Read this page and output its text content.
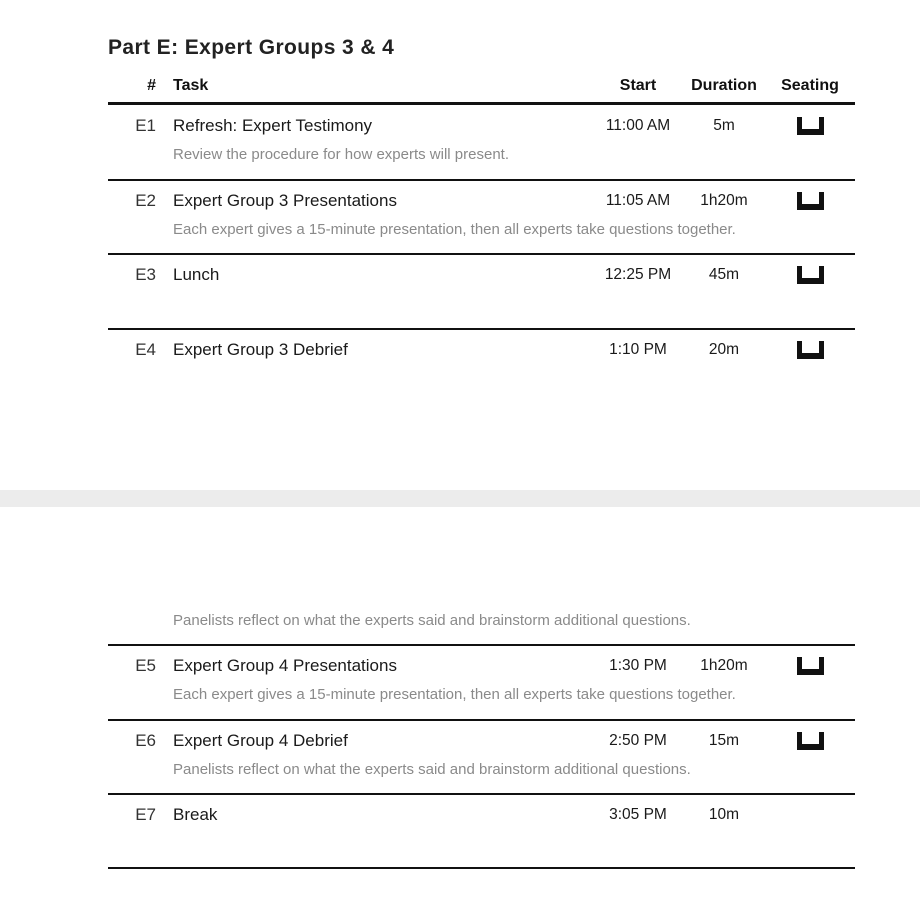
Part E: Expert Groups 3 & 4
# Task	Start	Duration	Seating
E1 Refresh: Expert Testimony	11:00 AM	5m
Review the procedure for how experts will present.
E2 Expert Group 3 Presentations	11:05 AM	1h20m
Each expert gives a 15-minute presentation, then all experts take questions together.
E3 Lunch	12:25 PM	45m
E4 Expert Group 3 Debrief	1:10 PM	20m
Panelists reflect on what the experts said and brainstorm additional questions.
E5 Expert Group 4 Presentations	1:30 PM	1h20m
Each expert gives a 15-minute presentation, then all experts take questions together.
E6 Expert Group 4 Debrief	2:50 PM	15m
Panelists reflect on what the experts said and brainstorm additional questions.
E7 Break	3:05 PM	10m
